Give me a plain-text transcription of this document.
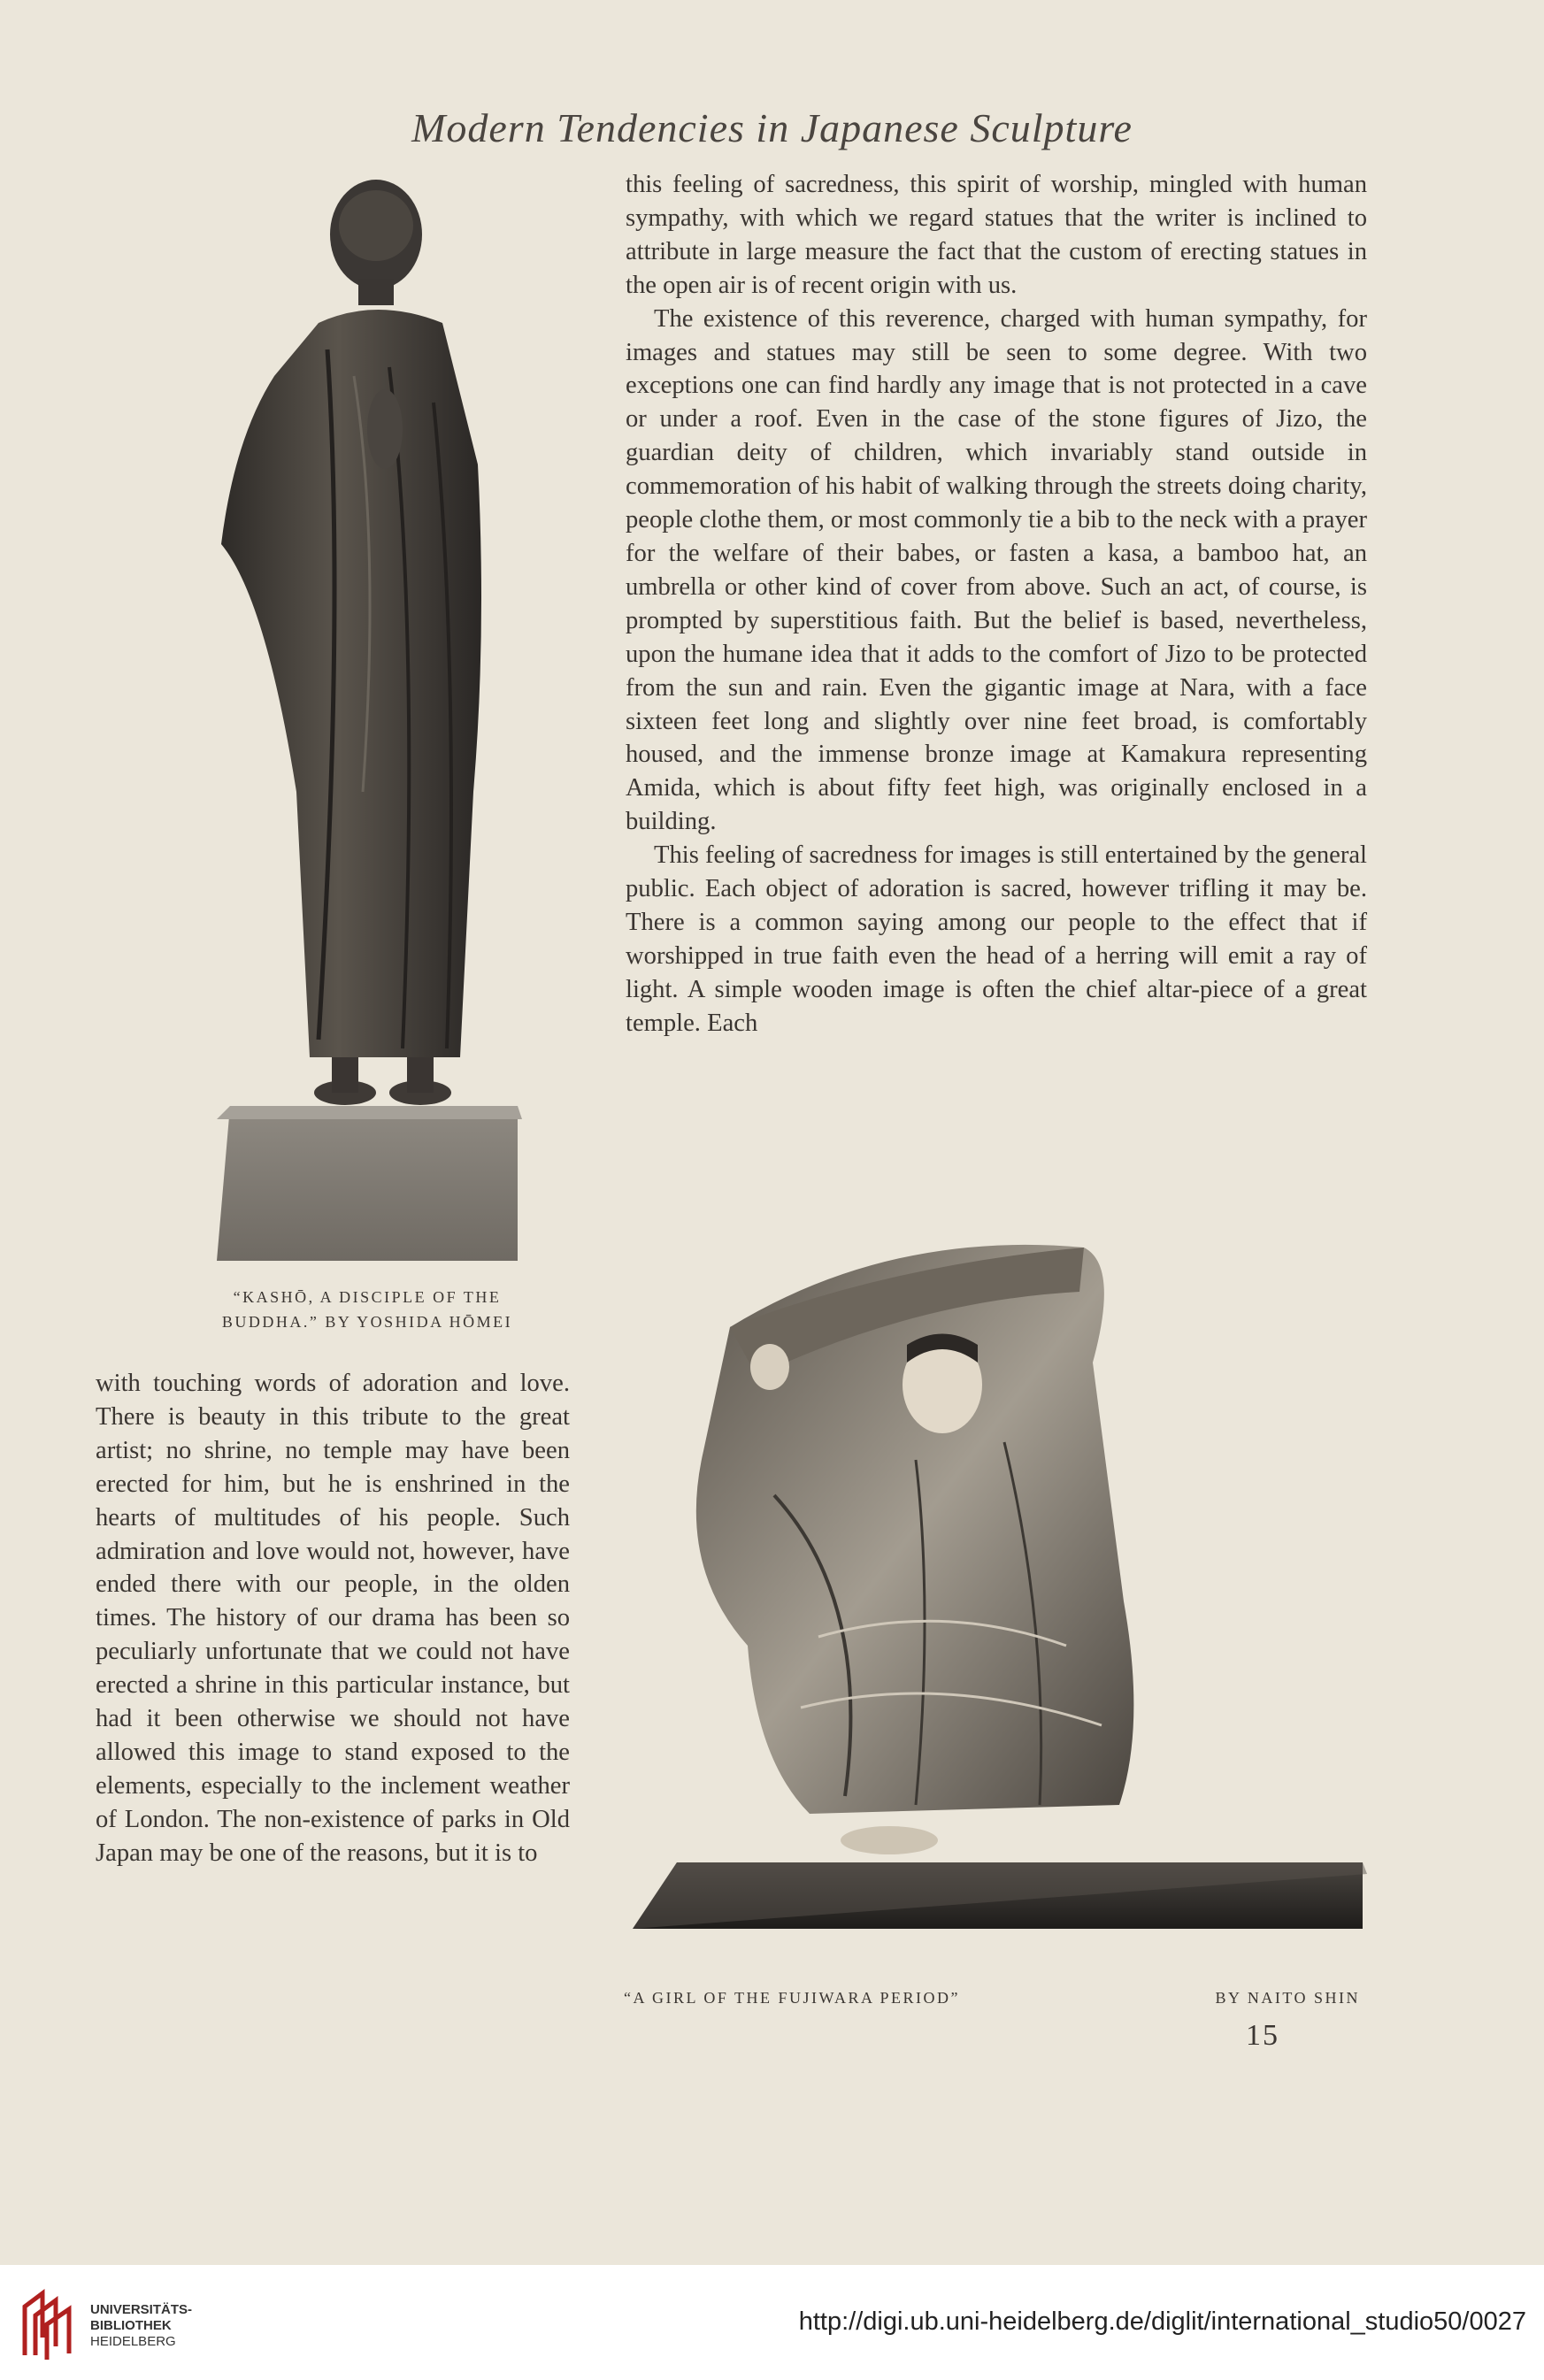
Modern Tendencies in Japanese Sculpture
“KASHŌ, A DISCIPLE OF THE
BUDDHA.” BY YOSHIDA HŌMEI

this feeling of sacredness, this spirit of worship, mingled with human sympathy, with which we regard statues that the writer is inclined to attribute in large measure the fact that the custom of erecting statues in the open air is of recent origin with us.

The existence of this reverence, charged with human sympathy, for images and statues may still be seen to some degree. With two exceptions one can find hardly any image that is not protected in a cave or under a roof. Even in the case of the stone figures of Jizo, the guardian deity of children, which invariably stand outside in commemoration of his habit of walking through the streets doing charity, people clothe them, or most commonly tie a bib to the neck with a prayer for the welfare of their babes, or fasten a kasa, a bamboo hat, an umbrella or other kind of cover from above. Such an act, of course, is prompted by superstitious faith. But the belief is based, nevertheless, upon the humane idea that it adds to the comfort of Jizo to be protected from the sun and rain. Even the gigantic image at Nara, with a face sixteen feet long and slightly over nine feet broad, is comfortably housed, and the immense bronze image at Kamakura representing Amida, which is about fifty feet high, was originally enclosed in a building.

This feeling of sacredness for images is still entertained by the general public. Each object of adoration is sacred, however trifling it may be. There is a common saying among our people to the effect that if worshipped in true faith even the head of a herring will emit a ray of light. A simple wooden image is often the chief altar-piece of a great temple. Each

with touching words of adoration and love. There is beauty in this tribute to the great artist; no shrine, no temple may have been erected for him, but he is enshrined in the hearts of multitudes of his people. Such admiration and love would not, however, have ended there with our people, in the olden times. The history of our drama has been so peculiarly unfortunate that we could not have erected a shrine in this particular instance, but had it been otherwise we should not have allowed this image to stand exposed to the elements, especially to the inclement weather of London. The non-existence of parks in Old Japan may be one of the reasons, but it is to

“A GIRL OF THE FUJIWARA PERIOD”	BY NAITO SHIN
15
UNIVERSITÄTS-
BIBLIOTHEK
HEIDELBERG
http://digi.ub.uni-heidelberg.de/diglit/international_studio50/0027
